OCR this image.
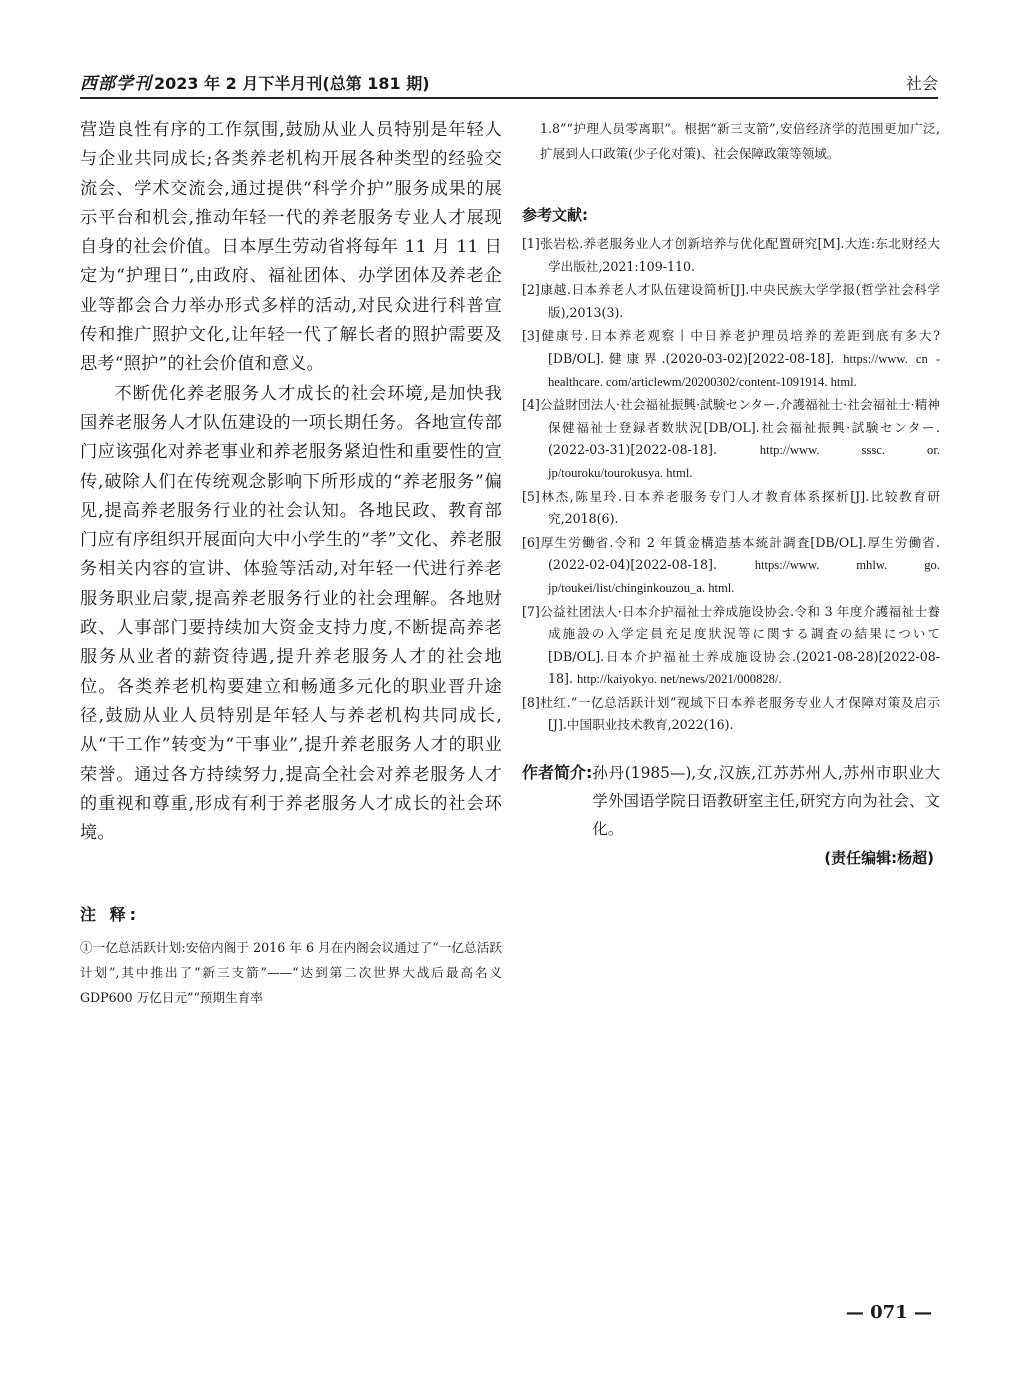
西部学刊 2023 年 2 月下半月刊(总第 181 期)	社会

营造良性有序的工作氛围,鼓励从业人员特别是年轻人与企业共同成长;各类养老机构开展各种类型的经验交流会、学术交流会,通过提供“科学介护”服务成果的展示平台和机会,推动年轻一代的养老服务专业人才展现自身的社会价值。日本厚生劳动省将每年 11 月 11 日定为“护理日”,由政府、福祉团体、办学团体及养老企业等都会合力举办形式多样的活动,对民众进行科普宣传和推广照护文化,让年轻一代了解长者的照护需要及思考“照护”的社会价值和意义。

不断优化养老服务人才成长的社会环境,是加快我国养老服务人才队伍建设的一项长期任务。各地宣传部门应该强化对养老事业和养老服务紧迫性和重要性的宣传,破除人们在传统观念影响下所形成的“养老服务”偏见,提高养老服务行业的社会认知。各地民政、教育部门应有序组织开展面向大中小学生的“孝”文化、养老服务相关内容的宣讲、体验等活动,对年轻一代进行养老服务职业启蒙,提高养老服务行业的社会理解。各地财政、人事部门要持续加大资金支持力度,不断提高养老服务从业者的薪资待遇,提升养老服务人才的社会地位。各类养老机构要建立和畅通多元化的职业晋升途径,鼓励从业人员特别是年轻人与养老机构共同成长,从“干工作”转变为“干事业”,提升养老服务人才的职业荣誉。通过各方持续努力,提高全社会对养老服务人才的重视和尊重,形成有利于养老服务人才成长的社会环境。

注 释:

①一亿总活跃计划:安倍内阁于 2016 年 6 月在内阁会议通过了“一亿总活跃计划”,其中推出了“新三支箭”——“达到第二次世界大战后最高名义 GDP600 万亿日元”“预期生育率

1.8”“护理人员零离职”。根据“新三支箭”,安倍经济学的范围更加广泛,扩展到人口政策(少子化对策)、社会保障政策等领域。

参考文献:
[1]张岩松.养老服务业人才创新培养与优化配置研究[M].大连:东北财经大学出版社,2021:109-110.
[2]康越.日本养老人才队伍建设简析[J].中央民族大学学报(哲学社会科学版),2013(3).
[3]健康号.日本养老观察丨中日养老护理员培养的差距到底有多大?[DB/OL].健康界.(2020-03-02)[2022-08-18]. https://www. cn - healthcare. com/articlewm/20200302/content-1091914. html.
[4]公益財団法人·社会福祉振興·試験センター.介護福祉士·社会福祉士·精神保健福祉士登録者数狀況[DB/OL].社会福祉振興·試験センター.(2022-03-31)[2022-08-18].	http://www. sssc. or. jp/touroku/tourokusya. html.
[5]林杰,陈星玲.日本养老服务专门人才教育体系探析[J].比较教育研究,2018(6).
[6]厚生労働省.令和 2 年賃金構造基本統計調査[DB/OL].厚生労働省.(2022-02-04)[2022-08-18].	https://www. mhlw. go. jp/toukei/list/chinginkouzou_a. html.
[7]公益社团法人·日本介护福祉士养成施设协会.令和 3 年度介護福祉士養成施設の入学定員充足度狀況等に関する調査の結果について[DB/OL].日本介护福祉士养成施设协会.(2021-08-28)[2022-08-18]. http://kaiyokyo. net/news/2021/000828/.
[8]杜红.“一亿总活跃计划”视域下日本养老服务专业人才保障对策及启示[J].中国职业技术教育,2022(16).
作者简介: 孙丹(1985—),女,汉族,江苏苏州人,苏州市职业大学外国语学院日语教研室主任,研究方向为社会、文化。
(责任编辑:杨超)
— 071 —
